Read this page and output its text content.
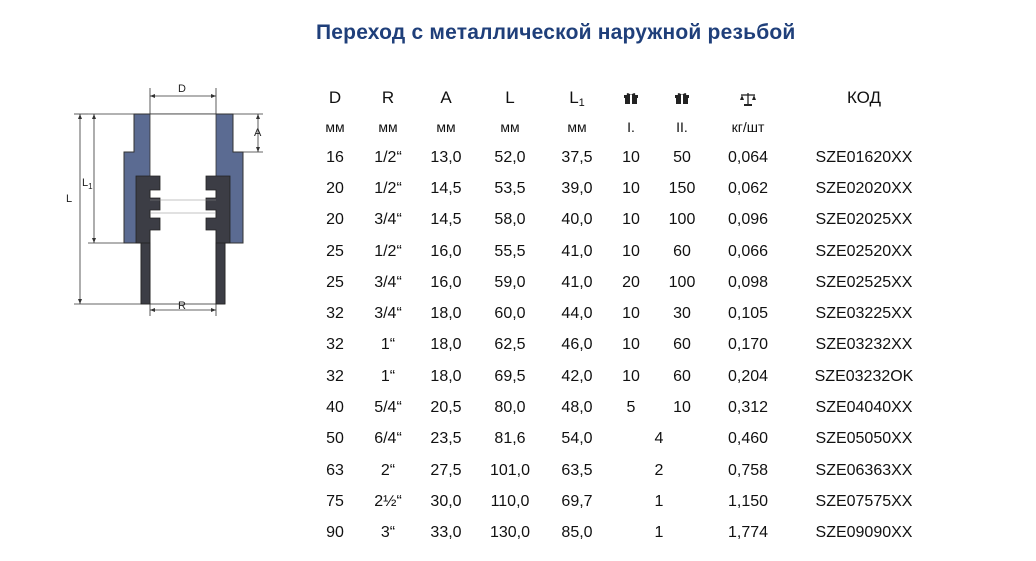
Переход с металлической наружной резьбой
D
A
$L_1$
L
R
D	R	A	L	L1				КОД
мм	мм	мм	мм	мм	I.	II.	кг/шт	
16	1/2“	13,0	52,0	37,5	10	50	0,064	SZE01620XX
20	1/2“	14,5	53,5	39,0	10	150	0,062	SZE02020XX
20	3/4“	14,5	58,0	40,0	10	100	0,096	SZE02025XX
25	1/2“	16,0	55,5	41,0	10	60	0,066	SZE02520XX
25	3/4“	16,0	59,0	41,0	20	100	0,098	SZE02525XX
32	3/4“	18,0	60,0	44,0	10	30	0,105	SZE03225XX
32	1“	18,0	62,5	46,0	10	60	0,170	SZE03232XX
32	1“	18,0	69,5	42,0	10	60	0,204	SZE03232OK
40	5/4“	20,5	80,0	48,0	5	10	0,312	SZE04040XX
50	6/4“	23,5	81,6	54,0	4		0,460	SZE05050XX
63	2“	27,5	101,0	63,5	2		0,758	SZE06363XX
75	2½“	30,0	110,0	69,7	1		1,150	SZE07575XX
90	3“	33,0	130,0	85,0	1		1,774	SZE09090XX
